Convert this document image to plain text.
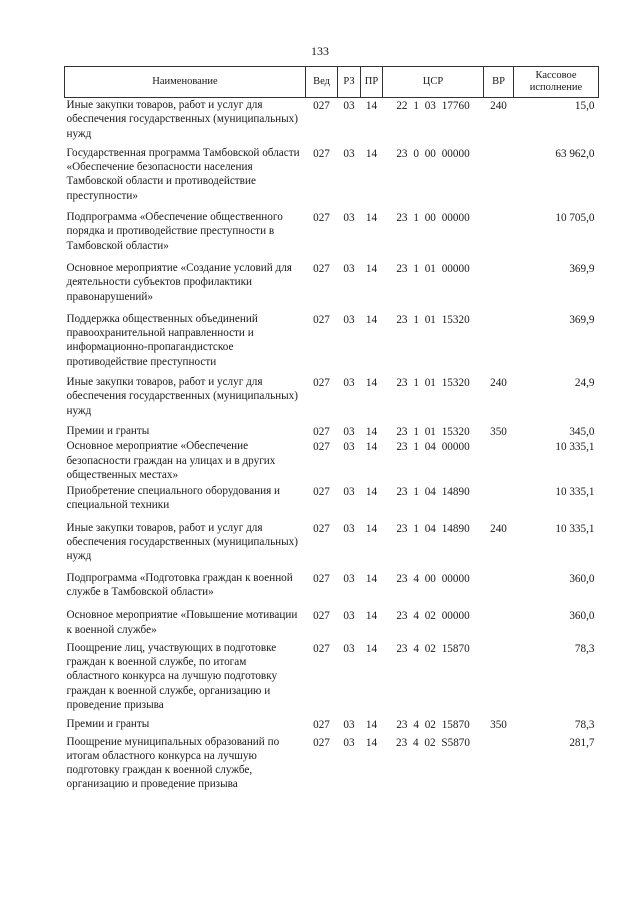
133
Наименование	Вед	РЗ	ПР	ЦСР	ВР	Кассовое исполнение
Иные закупки товаров, работ и услуг для обеспечения государственных (муниципальных) нужд	027	03	14	22 1 03 17760	240	15,0
Государственная программа Тамбовской области «Обеспечение безопасности населения Тамбовской области и противодействие преступности»	027	03	14	23 0 00 00000		63 962,0
Подпрограмма «Обеспечение общественного порядка и противодействие преступности в Тамбовской области»	027	03	14	23 1 00 00000		10 705,0
Основное мероприятие «Создание условий для деятельности субъектов профилактики правонарушений»	027	03	14	23 1 01 00000		369,9
Поддержка общественных объединений правоохранительной направленности и информационно-пропагандистское противодействие преступности	027	03	14	23 1 01 15320		369,9
Иные закупки товаров, работ и услуг для обеспечения государственных (муниципальных) нужд	027	03	14	23 1 01 15320	240	24,9
Премии и гранты	027	03	14	23 1 01 15320	350	345,0
Основное мероприятие «Обеспечение безопасности граждан на улицах и в других общественных местах»	027	03	14	23 1 04 00000		10 335,1
Приобретение специального оборудования и специальной техники	027	03	14	23 1 04 14890		10 335,1
Иные закупки товаров, работ и услуг для обеспечения государственных (муниципальных) нужд	027	03	14	23 1 04 14890	240	10 335,1
Подпрограмма «Подготовка граждан к военной службе в Тамбовской области»	027	03	14	23 4 00 00000		360,0
Основное мероприятие «Повышение мотивации к военной службе»	027	03	14	23 4 02 00000		360,0
Поощрение лиц, участвующих в подготовке граждан к военной службе, по итогам областного конкурса на лучшую подготовку граждан к военной службе, организацию и проведение призыва	027	03	14	23 4 02 15870		78,3
Премии и гранты	027	03	14	23 4 02 15870	350	78,3
Поощрение муниципальных образований по итогам областного конкурса на лучшую подготовку граждан к военной службе, организацию и проведение призыва	027	03	14	23 4 02 S5870		281,7
